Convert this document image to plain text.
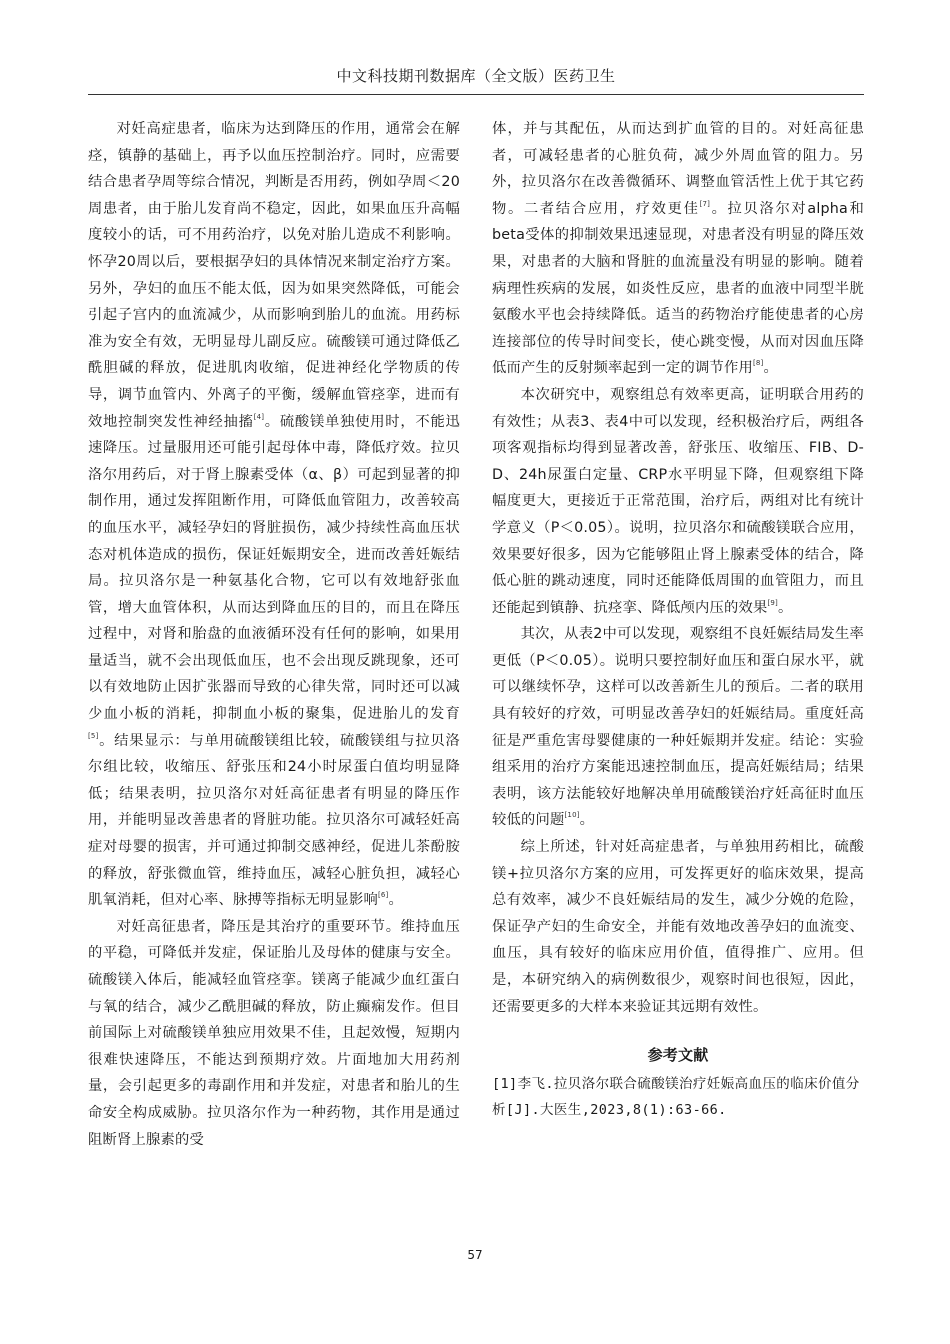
中文科技期刊数据库（全文版）医药卫生

对妊高症患者，临床为达到降压的作用，通常会在解痉，镇静的基础上，再予以血压控制治疗。同时，应需要结合患者孕周等综合情况，判断是否用药，例如孕周＜20周患者，由于胎儿发育尚不稳定，因此，如果血压升高幅度较小的话，可不用药治疗，以免对胎儿造成不利影响。怀孕20周以后，要根据孕妇的具体情况来制定治疗方案。另外，孕妇的血压不能太低，因为如果突然降低，可能会引起子宫内的血流减少，从而影响到胎儿的血流。用药标准为安全有效，无明显母儿副反应。硫酸镁可通过降低乙酰胆碱的释放，促进肌肉收缩，促进神经化学物质的传导，调节血管内、外离子的平衡，缓解血管痉挛，进而有效地控制突发性神经抽搐[4]。硫酸镁单独使用时，不能迅速降压。过量服用还可能引起母体中毒，降低疗效。拉贝洛尔用药后，对于肾上腺素受体（α、β）可起到显著的抑制作用，通过发挥阻断作用，可降低血管阻力，改善较高的血压水平，减轻孕妇的肾脏损伤，减少持续性高血压状态对机体造成的损伤，保证妊娠期安全，进而改善妊娠结局。拉贝洛尔是一种氨基化合物，它可以有效地舒张血管，增大血管体积，从而达到降血压的目的，而且在降压过程中，对肾和胎盘的血液循环没有任何的影响，如果用量适当，就不会出现低血压，也不会出现反跳现象，还可以有效地防止因扩张器而导致的心律失常，同时还可以减少血小板的消耗，抑制血小板的聚集，促进胎儿的发育[5]。结果显示：与单用硫酸镁组比较，硫酸镁组与拉贝洛尔组比较，收缩压、舒张压和24小时尿蛋白值均明显降低；结果表明，拉贝洛尔对妊高征患者有明显的降压作用，并能明显改善患者的肾脏功能。拉贝洛尔可减轻妊高症对母婴的损害，并可通过抑制交感神经，促进儿茶酚胺的释放，舒张微血管，维持血压，减轻心脏负担，减轻心肌氧消耗，但对心率、脉搏等指标无明显影响[6]。

对妊高征患者，降压是其治疗的重要环节。维持血压的平稳，可降低并发症，保证胎儿及母体的健康与安全。硫酸镁入体后，能减轻血管痉挛。镁离子能减少血红蛋白与氧的结合，减少乙酰胆碱的释放，防止癫痫发作。但目前国际上对硫酸镁单独应用效果不佳，且起效慢，短期内很难快速降压，不能达到预期疗效。片面地加大用药剂量，会引起更多的毒副作用和并发症，对患者和胎儿的生命安全构成威胁。拉贝洛尔作为一种药物，其作用是通过阻断肾上腺素的受

体，并与其配伍，从而达到扩血管的目的。对妊高征患者，可减轻患者的心脏负荷，减少外周血管的阻力。另外，拉贝洛尔在改善微循环、调整血管活性上优于其它药物。二者结合应用，疗效更佳[7]。拉贝洛尔对alpha和beta受体的抑制效果迅速显现，对患者没有明显的降压效果，对患者的大脑和肾脏的血流量没有明显的影响。随着病理性疾病的发展，如炎性反应，患者的血液中同型半胱氨酸水平也会持续降低。适当的药物治疗能使患者的心房连接部位的传导时间变长，使心跳变慢，从而对因血压降低而产生的反射频率起到一定的调节作用[8]。

本次研究中，观察组总有效率更高，证明联合用药的有效性；从表3、表4中可以发现，经积极治疗后，两组各项客观指标均得到显著改善，舒张压、收缩压、FIB、D-D、24h尿蛋白定量、CRP水平明显下降，但观察组下降幅度更大，更接近于正常范围，治疗后，两组对比有统计学意义（P＜0.05）。说明，拉贝洛尔和硫酸镁联合应用，效果要好很多，因为它能够阻止肾上腺素受体的结合，降低心脏的跳动速度，同时还能降低周围的血管阻力，而且还能起到镇静、抗痉挛、降低颅内压的效果[9]。

其次，从表2中可以发现，观察组不良妊娠结局发生率更低（P＜0.05）。说明只要控制好血压和蛋白尿水平，就可以继续怀孕，这样可以改善新生儿的预后。二者的联用具有较好的疗效，可明显改善孕妇的妊娠结局。重度妊高征是严重危害母婴健康的一种妊娠期并发症。结论：实验组采用的治疗方案能迅速控制血压，提高妊娠结局；结果表明，该方法能较好地解决单用硫酸镁治疗妊高征时血压较低的问题[10]。

综上所述，针对妊高症患者，与单独用药相比，硫酸镁+拉贝洛尔方案的应用，可发挥更好的临床效果，提高总有效率，减少不良妊娠结局的发生，减少分娩的危险，保证孕产妇的生命安全，并能有效地改善孕妇的血流变、血压，具有较好的临床应用价值，值得推广、应用。但是，本研究纳入的病例数很少，观察时间也很短，因此，还需要更多的大样本来验证其远期有效性。

参考文献
[1]李飞.拉贝洛尔联合硫酸镁治疗妊娠高血压的临床价值分析[J].大医生,2023,8(1):63-66.
57
